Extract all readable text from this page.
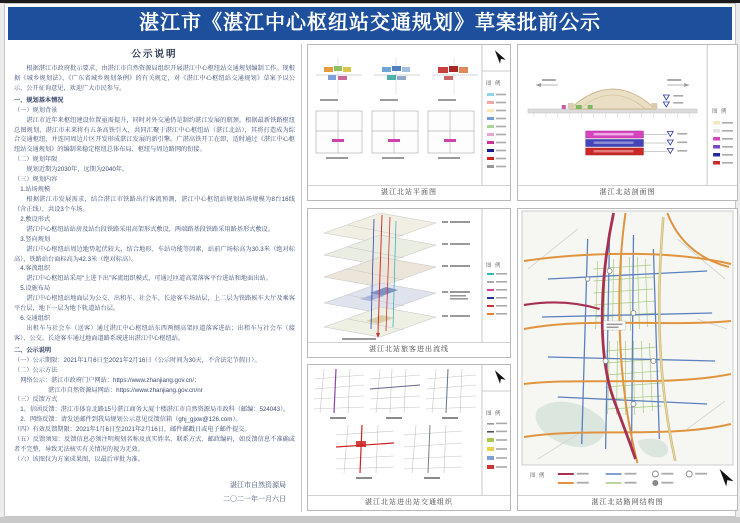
湛江市《湛江中心枢纽站交通规划》草案批前公示
公示说明

根据湛江市政府批示要求，由湛江市自然资源局组织开展湛江中心枢纽站交通规划编制工作。现根据《城乡规划法》、《广东省城乡规划条例》的有关规定，对《湛江中心枢纽站交通规划》草案予以公示，公开征询意见，欢迎广大市民参与。

一、规划基本情况

（一）规划背景

湛江市近年来枢纽建设位置亟需提升，同时对外交通仍是制约湛江发展的瓶颈。根据最新铁路枢纽总图规划，湛江市未来将有五条高铁引入，共同汇聚于湛江中心枢纽站（湛江北站），其将打造成为综合交通枢纽，并连同周边片区开发形成湛江发展的新引擎。广湛高铁开工在即，适时通过《湛江中心枢纽站交通规划》的编制来稳定枢纽总体布局、枢纽与周边路网的衔接。

（二）规划年限

规划近期为2030年，远期为2040年。

（三）规划内容

1.站场规模

根据湛江市发展需求，结合湛江市铁路出行客流预测，湛江中心枢纽站规划站场规模为8台16线（含正线），共设3个车场。

2.敷设形式

湛江中心枢纽站站房及站台段铁路采用高架形式敷设，两端路基段铁路采用路基形式敷设。

3.竖向规划

湛江中心枢纽站周边地势起伏较大，结合地形、车站功能等因素，站前广场标高为30.3米（绝对标高），铁路站台面标高为42.3米（绝对标高）。

4.客流组织

湛江中心枢纽站采用“上进下出”客流组织模式，可通过匝道高架落客平台进站和地面出站。

5.设施布局

湛江中心枢纽站地面层为公交、出租车、社会车、长途客车场站层，上二层为铁路候车大厅及乘客平台层，地下一层为地下轨道站台层。

6.交通组织

出租车与社会车（送客）通过湛江中心枢纽站东西两侧高架匝道落客进站；出租车与社会车（接客）、公交、长途客车通过地面道路系统进出湛江中心枢纽站。

二、公示说明

（一）公示期限：2021年1月6日至2021年2月16日（公示时间为30天，不含法定节假日）。

（二）公示方法

网络公示：湛江市政府门户网站：https://www.zhanjiang.gov.cn/；

湛江市自然资源局网站：https://www.zhanjiang.gov.cn/nr

（三）反馈方式

1、信函反馈：湛江市体育北路15号湛江商务大厦十楼湛江市自然资源局市政科（邮编：524043）。

2、网络反馈：请发送邮件到我局规划公示意见反馈信箱（ghj_gjxw@126.com）。

（四）有效反馈期限：2021年1月6日至2021年2月16日，邮件邮戳日或电子邮件提交。

（五）反馈须知：反馈信息必须注明规划名称及真实姓名、联系方式、邮政编码，如反馈信息不准确或者不完整，导致无法核实有关情况的视为无效。

（六）该图仅为方案成果图，以最后审批为准。

湛江市自然资源局
二〇二一年一月六日
图 例
湛江北站平面图
图 例
湛江北站旅客进出流线
图 例
湛江北站进出站交通组织
图 例
湛江北站剖面图
图 例
湛江北站路网结构图
